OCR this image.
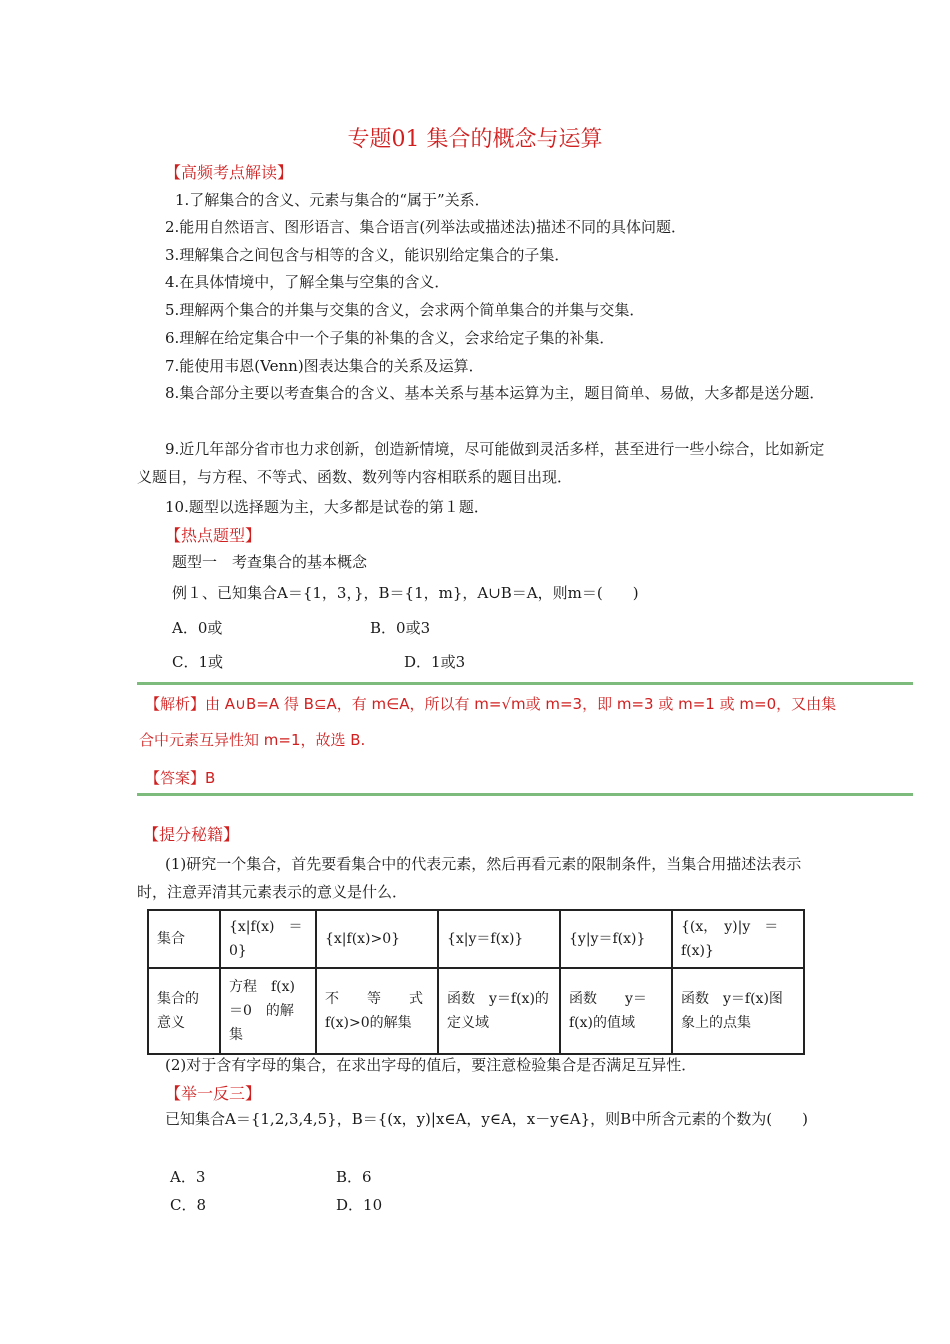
专题01 集合的概念与运算
【高频考点解读】
1.了解集合的含义、元素与集合的“属于”关系．
2.能用自然语言、图形语言、集合语言(列举法或描述法)描述不同的具体问题．
3.理解集合之间包含与相等的含义，能识别给定集合的子集．
4.在具体情境中，了解全集与空集的含义．
5.理解两个集合的并集与交集的含义，会求两个简单集合的并集与交集．
6.理解在给定集合中一个子集的补集的含义，会求给定子集的补集．
7.能使用韦恩(Venn)图表达集合的关系及运算．
8.集合部分主要以考查集合的含义、基本关系与基本运算为主，题目简单、易做，大多都是送分题．
9.近几年部分省市也力求创新，创造新情境，尽可能做到灵活多样，甚至进行一些小综合，比如新定义题目，与方程、不等式、函数、数列等内容相联系的题目出现．
10.题型以选择题为主，大多都是试卷的第１题．
【热点题型】
题型一　考查集合的基本概念
例１、已知集合A＝{1，3，}，B＝{1，m}，A∪B＝A，则m＝(　　)
A．0或	B．0或3
C．1或	D．1或3
【解析】由 A∪B=A 得 B⊆A，有 m∈A，所以有 m=√m或 m=3，即 m=3 或 m=1 或 m=0，又由集
合中元素互异性知 m=1，故选 B.
【答案】B
【提分秘籍】
(1)研究一个集合，首先要看集合中的代表元素，然后再看元素的限制条件，当集合用描述法表示时，注意弄清其元素表示的意义是什么．
集合	{x|f(x)　＝0}	{x|f(x)>0}	{x|y＝f(x)}	{y|y＝f(x)}	{(x，　y)|y　＝f(x)}
集合的意义	方程　f(x)＝0　的解集	不　　等　　式f(x)>0的解集	函数　y＝f(x)的定义域	函数　　y＝f(x)的值域	函数　y＝f(x)图象上的点集
(2)对于含有字母的集合，在求出字母的值后，要注意检验集合是否满足互异性．
【举一反三】
已知集合A＝{1,2,3,4,5}，B＝{(x，y)|x∈A，y∈A，x－y∈A}，则B中所含元素的个数为(　　)
A．3	B．6
C．8	D．10
